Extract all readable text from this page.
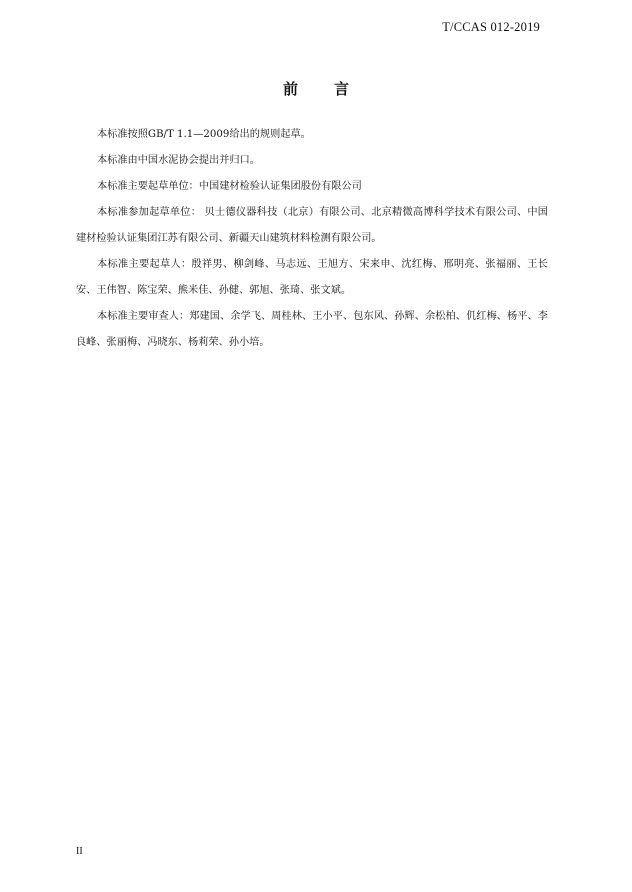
T/CCAS 012-2019
前 言

本标准按照GB/T 1.1—2009给出的规则起草。

本标准由中国水泥协会提出并归口。

本标准主要起草单位：中国建材检验认证集团股份有限公司

本标准参加起草单位： 贝士德仪器科技（北京）有限公司、北京精微高博科学技术有限公司、中国建材检验认证集团江苏有限公司、新疆天山建筑材料检测有限公司。

本标准主要起草人：殷祥男、柳剑峰、马志远、王旭方、宋来申、沈红梅、邢明亮、张福丽、王长安、王伟智、陈宝荣、熊米佳、孙健、郭旭、张琦、张文斌。

本标准主要审查人：郑建国、余学飞、周桂林、王小平、包东风、孙辉、余松柏、仉红梅、杨平、李良峰、张丽梅、冯晓东、杨莉荣、孙小培。

II
